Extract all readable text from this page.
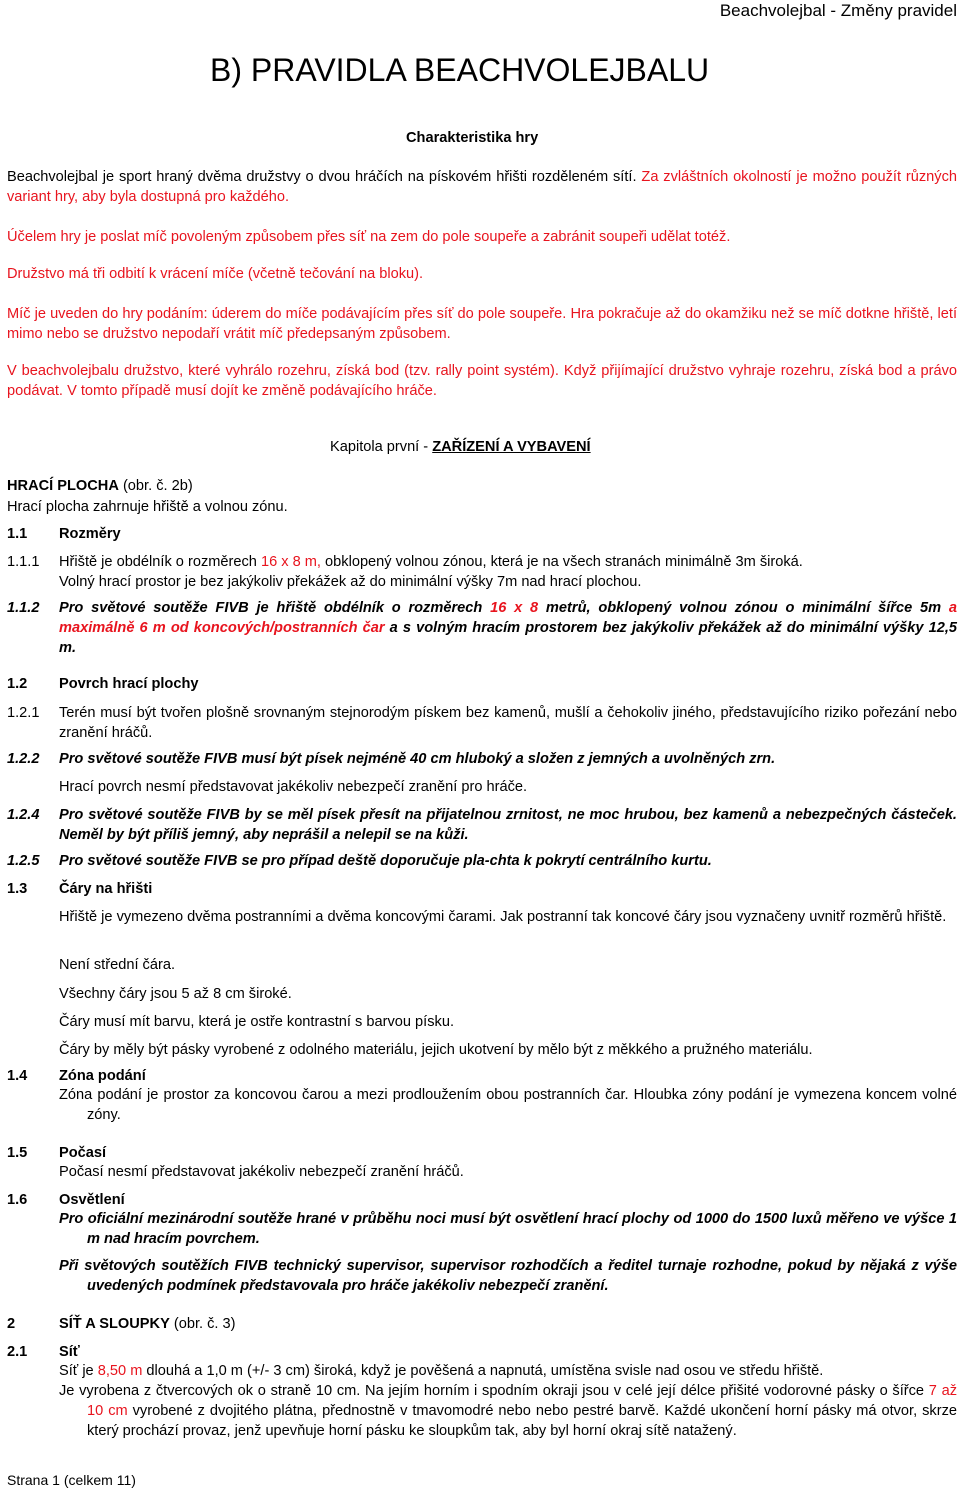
Beachvolejbal - Změny pravidel
B) PRAVIDLA BEACHVOLEJBALU
Charakteristika hry

Beachvolejbal je sport hraný dvěma družstvy o dvou hráčích na pískovém hřišti rozděleném sítí. Za zvláštních okolností je možno použít různých variant hry, aby byla dostupná pro každého.

Účelem hry je poslat míč povoleným způsobem přes síť na zem do pole soupeře a zabránit soupeři udělat totéž.

Družstvo má tři odbití k vrácení míče (včetně tečování na bloku).

Míč je uveden do hry podáním: úderem do míče podávajícím přes síť do pole soupeře. Hra pokračuje až do okamžiku než se míč dotkne hřiště, letí mimo nebo se družstvo nepodaří vrátit míč předepsaným způsobem.

V beachvolejbalu družstvo, které vyhrálo rozehru, získá bod (tzv. rally point systém). Když přijímající družstvo vyhraje rozehru, získá bod a právo podávat. V tomto případě musí dojít ke změně podávajícího hráče.

Kapitola první - ZAŘÍZENÍ A VYBAVENÍ
HRACÍ PLOCHA (obr. č. 2b)
Hrací plocha zahrnuje hřiště a volnou zónu.
1.1 Rozměry
1.1.1	Hřiště je obdélník o rozměrech 16 x 8 m, obklopený volnou zónou, která je na všech stranách minimálně 3m široká.
Volný hrací prostor je bez jakýkoliv překážek až do minimální výšky 7m nad hrací plochou.

1.1.2	Pro světové soutěže FIVB je hřiště obdélník o rozměrech 16 x 8 metrů, obklopený volnou zónou o minimální šířce 5m a maximálně 6 m od koncových/postranních čar a s volným hracím prostorem bez jakýkoliv překážek až do minimální výšky 12,5 m.

1.2 Povrch hrací plochy
1.2.1	Terén musí být tvořen plošně srovnaným stejnorodým pískem bez kamenů, mušlí a čehokoliv jiného, představujícího riziko pořezání nebo zranění hráčů.

1.2.2	Pro světové soutěže FIVB musí být písek nejméně 40 cm hluboký a složen z jemných a uvolněných zrn.

Hrací povrch nesmí představovat jakékoliv nebezpečí zranění pro hráče.

1.2.4	Pro světové soutěže FIVB by se měl písek přesít na přijatelnou zrnitost, ne moc hrubou, bez kamenů a nebezpečných částeček. Neměl by být příliš jemný, aby neprášil a nelepil se na kůži.

1.2.5	Pro světové soutěže FIVB se pro případ deště doporučuje pla-chta k pokrytí centrálního kurtu.

1.3 Čáry na hřišti

Hřiště je vymezeno dvěma postranními a dvěma koncovými čarami. Jak postranní tak koncové čáry jsou vyznačeny uvnitř rozměrů hřiště.

Není střední čára.

Všechny čáry jsou 5 až 8 cm široké.

Čáry musí mít barvu, která je ostře kontrastní s barvou písku.

Čáry by měly být pásky vyrobené z odolného materiálu, jejich ukotvení by mělo být z měkkého a pružného materiálu.

1.4 Zóna podání

Zóna podání je prostor za koncovou čarou a mezi prodloužením obou postranních čar. Hloubka zóny podání je vymezena koncem volné zóny.

1.5 Počasí

Počasí nesmí představovat jakékoliv nebezpečí zranění hráčů.

1.6 Osvětlení

Pro oficiální mezinárodní soutěže hrané v průběhu noci musí být osvětlení hrací plochy od 1000 do 1500 luxů měřeno ve výšce 1 m nad hracím povrchem.

Při světových soutěžích FIVB technický supervisor, supervisor rozhodčích a ředitel turnaje rozhodne, pokud by nějaká z výše uvedených podmínek představovala pro hráče jakékoliv nebezpečí zranění.

2	SÍŤ A SLOUPKY (obr. č. 3)
2.1 Síť

Síť je 8,50 m dlouhá a 1,0 m (+/- 3 cm) široká, když je pověšená a napnutá, umístěna svisle nad osou ve středu hřiště.

Je vyrobena z čtvercových ok o straně 10 cm. Na jejím horním i spodním okraji jsou v celé její délce přišité vodorovné pásky o šířce 7 až 10 cm vyrobené z dvojitého plátna, přednostně v tmavomodré nebo nebo pestré barvě. Každé ukončení horní pásky má otvor, skrze který prochází provaz, jenž upevňuje horní pásku ke sloupkům tak, aby byl horní okraj sítě natažený.

Strana 1 (celkem 11)
